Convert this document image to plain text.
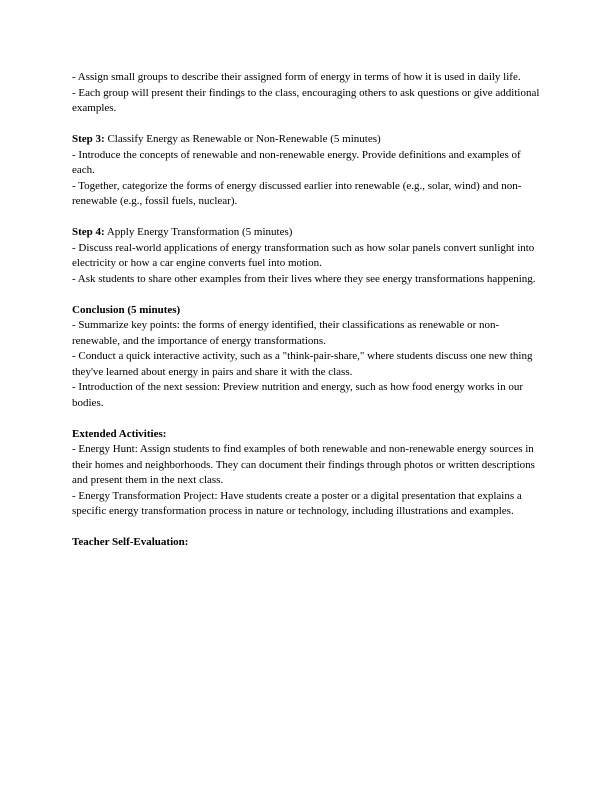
- Assign small groups to describe their assigned form of energy in terms of how it is used in daily life.
- Each group will present their findings to the class, encouraging others to ask questions or give additional examples.
Step 3: Classify Energy as Renewable or Non-Renewable (5 minutes)
- Introduce the concepts of renewable and non-renewable energy. Provide definitions and examples of each.
- Together, categorize the forms of energy discussed earlier into renewable (e.g., solar, wind) and non-renewable (e.g., fossil fuels, nuclear).
Step 4: Apply Energy Transformation (5 minutes)
- Discuss real-world applications of energy transformation such as how solar panels convert sunlight into electricity or how a car engine converts fuel into motion.
- Ask students to share other examples from their lives where they see energy transformations happening.
Conclusion (5 minutes)
- Summarize key points: the forms of energy identified, their classifications as renewable or non-renewable, and the importance of energy transformations.
- Conduct a quick interactive activity, such as a "think-pair-share," where students discuss one new thing they've learned about energy in pairs and share it with the class.
- Introduction of the next session: Preview nutrition and energy, such as how food energy works in our bodies.
Extended Activities:
- Energy Hunt: Assign students to find examples of both renewable and non-renewable energy sources in their homes and neighborhoods. They can document their findings through photos or written descriptions and present them in the next class.
- Energy Transformation Project: Have students create a poster or a digital presentation that explains a specific energy transformation process in nature or technology, including illustrations and examples.
Teacher Self-Evaluation:
